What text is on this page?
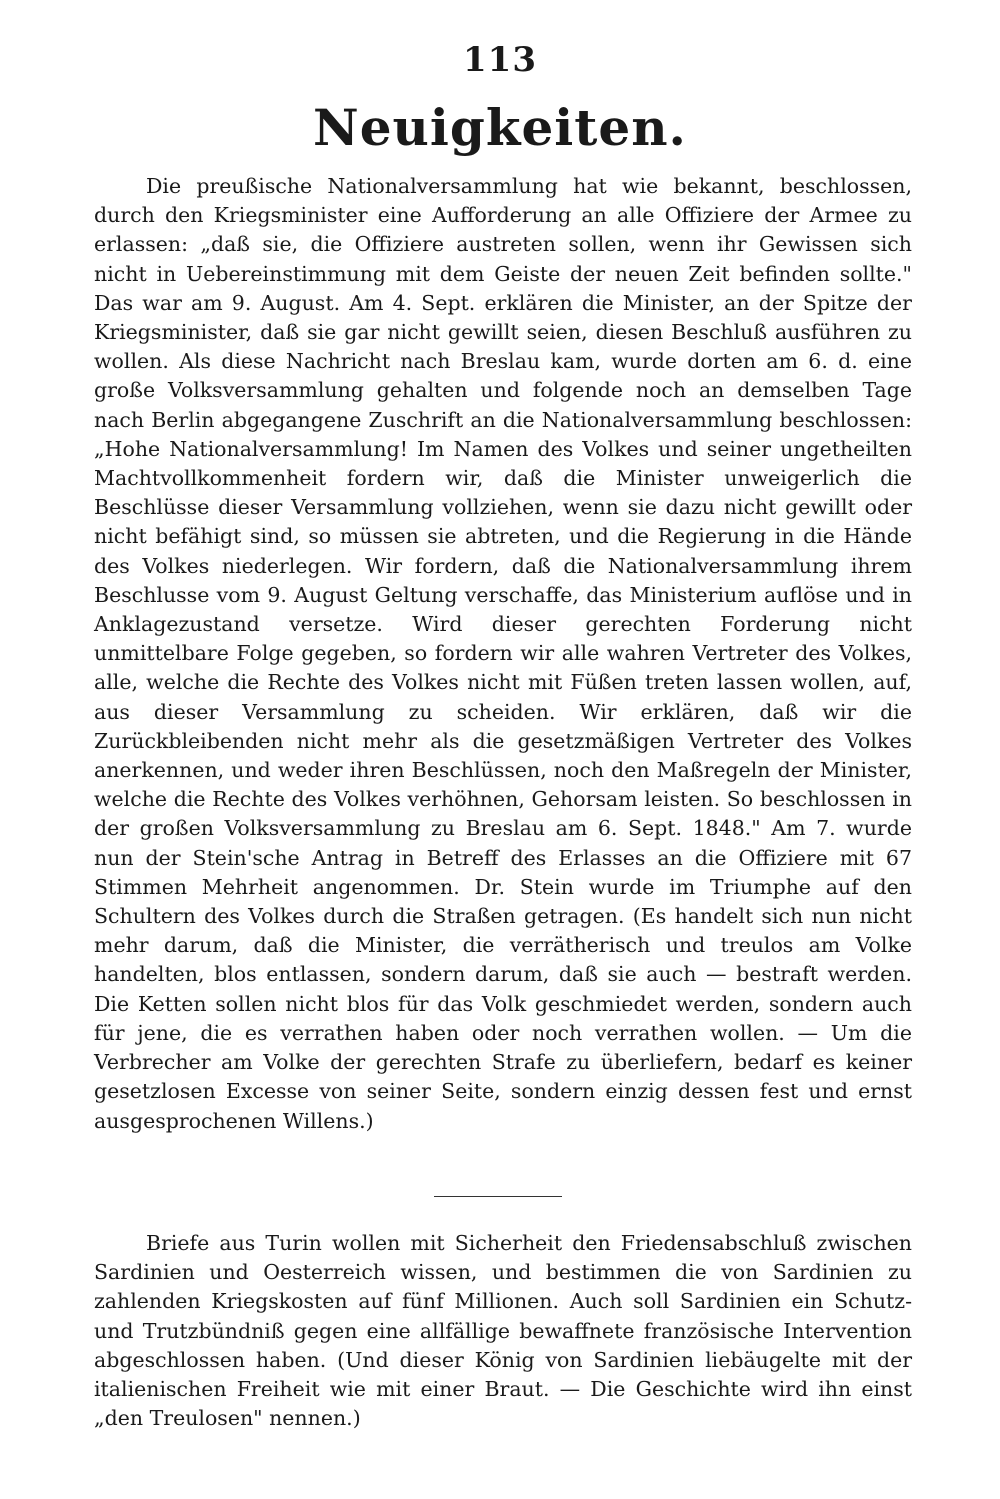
113
Neuigkeiten.

Die preußische Nationalversammlung hat wie bekannt, beschlossen, durch den Kriegsminister eine Aufforderung an alle Offiziere der Armee zu erlassen: „daß sie, die Offiziere austreten sollen, wenn ihr Gewissen sich nicht in Uebereinstimmung mit dem Geiste der neuen Zeit befinden sollte." Das war am 9. August. Am 4. Sept. erklären die Minister, an der Spitze der Kriegsminister, daß sie gar nicht gewillt seien, diesen Beschluß ausführen zu wollen. Als diese Nachricht nach Breslau kam, wurde dorten am 6. d. eine große Volksversammlung gehalten und folgende noch an demselben Tage nach Berlin abgegangene Zuschrift an die Nationalversammlung beschlossen: „Hohe Nationalversammlung! Im Namen des Volkes und seiner ungetheilten Machtvollkommenheit fordern wir, daß die Minister unweigerlich die Beschlüsse dieser Versammlung vollziehen, wenn sie dazu nicht gewillt oder nicht befähigt sind, so müssen sie abtreten, und die Regierung in die Hände des Volkes niederlegen. Wir fordern, daß die Nationalversammlung ihrem Beschlusse vom 9. August Geltung verschaffe, das Ministerium auflöse und in Anklagezustand versetze. Wird dieser gerechten Forderung nicht unmittelbare Folge gegeben, so fordern wir alle wahren Vertreter des Volkes, alle, welche die Rechte des Volkes nicht mit Füßen treten lassen wollen, auf, aus dieser Versammlung zu scheiden. Wir erklären, daß wir die Zurückbleibenden nicht mehr als die gesetzmäßigen Vertreter des Volkes anerkennen, und weder ihren Beschlüssen, noch den Maßregeln der Minister, welche die Rechte des Volkes verhöhnen, Gehorsam leisten. So beschlossen in der großen Volksversammlung zu Breslau am 6. Sept. 1848." Am 7. wurde nun der Stein'sche Antrag in Betreff des Erlasses an die Offiziere mit 67 Stimmen Mehrheit angenommen. Dr. Stein wurde im Triumphe auf den Schultern des Volkes durch die Straßen getragen. (Es handelt sich nun nicht mehr darum, daß die Minister, die verrätherisch und treulos am Volke handelten, blos entlassen, sondern darum, daß sie auch — bestraft werden. Die Ketten sollen nicht blos für das Volk geschmiedet werden, sondern auch für jene, die es verrathen haben oder noch verrathen wollen. — Um die Verbrecher am Volke der gerechten Strafe zu überliefern, bedarf es keiner gesetzlosen Excesse von seiner Seite, sondern einzig dessen fest und ernst ausgesprochenen Willens.)

Briefe aus Turin wollen mit Sicherheit den Friedensabschluß zwischen Sardinien und Oesterreich wissen, und bestimmen die von Sardinien zu zahlenden Kriegskosten auf fünf Millionen. Auch soll Sardinien ein Schutz- und Trutzbündniß gegen eine allfällige bewaffnete französische Intervention abgeschlossen haben. (Und dieser König von Sardinien liebäugelte mit der italienischen Freiheit wie mit einer Braut. — Die Geschichte wird ihn einst „den Treulosen" nennen.)
